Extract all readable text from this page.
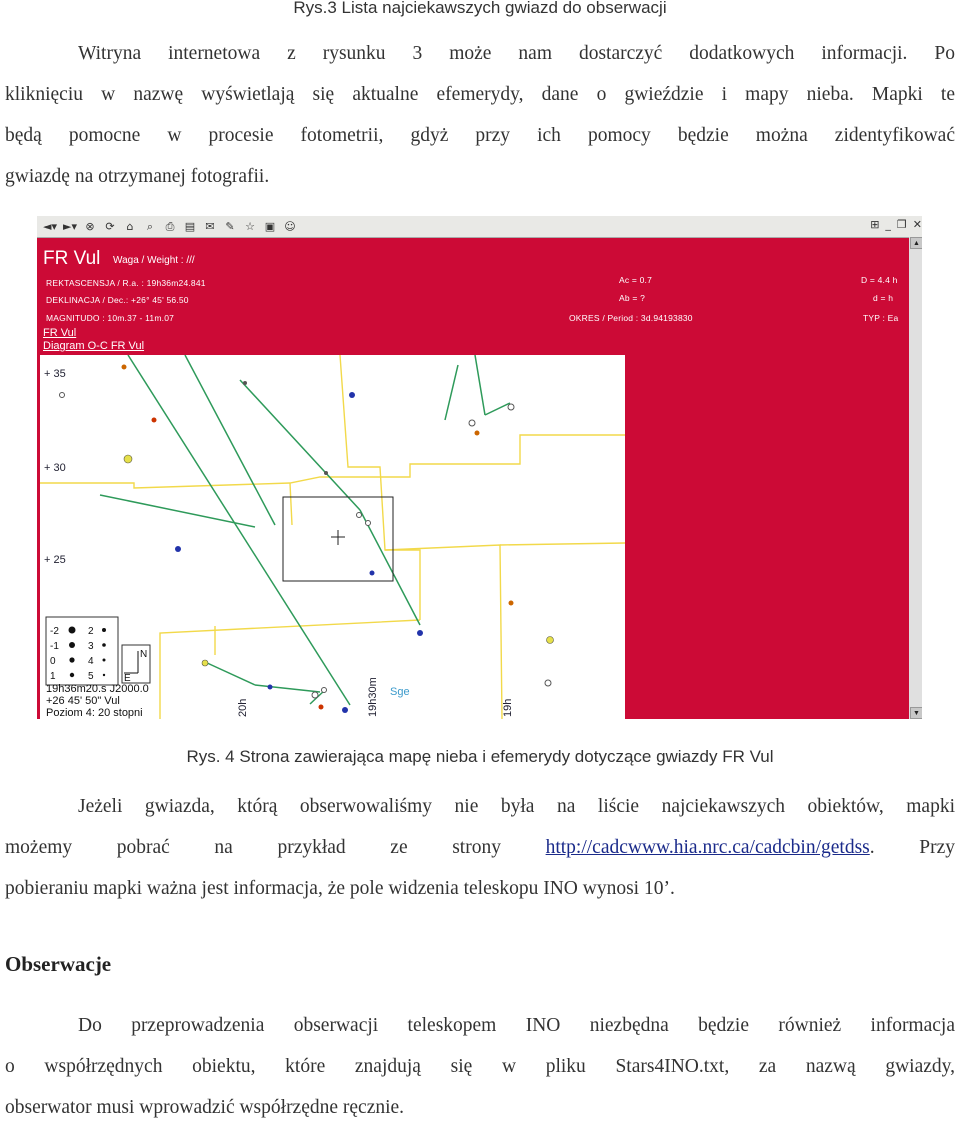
Rys.3 Lista najciekawszych gwiazd do obserwacji
Witryna internetowa z rysunku 3 może nam dostarczyć dodatkowych informacji. Po
kliknięciu w nazwę wyświetlają się aktualne efemerydy, dane o gwieździe i mapy nieba. Mapki te
będą pomocne w procesie fotometrii, gdyż przy ich pomocy będzie można zidentyfikować
gwiazdę na otrzymanej fotografii.
◄▾ ►▾ ⊗ ⟳	⌂	⌕	⎙ ▤ ✉ ✎ ☆ ▣ ☺	⊞ _ ❐ ✕
FR Vul Waga / Weight : ///
REKTASCENSJA / R.a. : 19h36m24.841
DEKLINACJA / Dec.: +26° 45' 56.50
MAGNITUDO : 10m.37 - 11m.07
FR Vul
Diagram O-C FR Vul
Ac = 0.7
Ab = ?
OKRES / Period : 3d.94193830
D = 4.4 h
d = h
TYP : Ea
+ 35
+ 30
+ 25
20h	19h30m	19h
Sge
-2	2
-1	3
0	4
1	5
N
E
19h36m20.s J2000.0
+26 45' 50" Vul
Poziom 4: 20 stopni
▲
▼
Rys. 4 Strona zawierająca mapę nieba i efemerydy dotyczące gwiazdy FR Vul
Jeżeli gwiazda, którą obserwowaliśmy nie była na liście najciekawszych obiektów, mapki
możemy pobrać na przykład ze strony http://cadcwww.hia.nrc.ca/cadcbin/getdss. Przy
pobieraniu mapki ważna jest informacja, że pole widzenia teleskopu INO wynosi 10’.
Obserwacje
Do przeprowadzenia obserwacji teleskopem INO niezbędna będzie również informacja
o współrzędnych obiektu, które znajdują się w pliku Stars4INO.txt, za nazwą gwiazdy,
obserwator musi wprowadzić współrzędne ręcznie.
